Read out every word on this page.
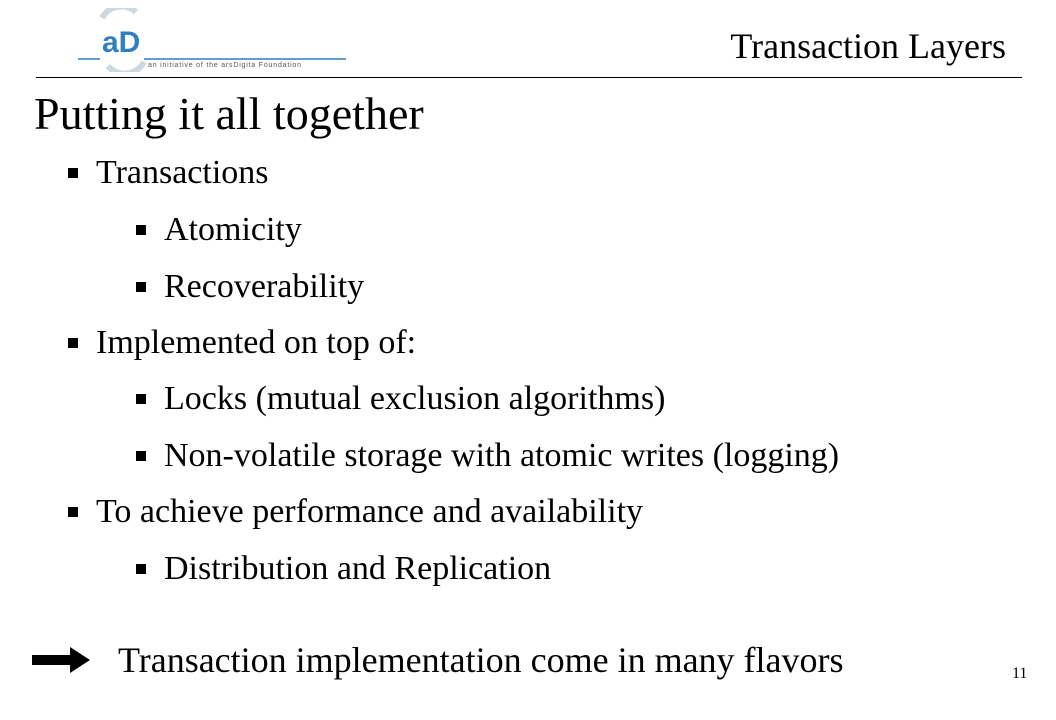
aD
an initiative of the arsDigita Foundation	Transaction Layers
Putting it all together
Transactions
Atomicity
Recoverability
Implemented on top of:
Locks (mutual exclusion algorithms)
Non-volatile storage with atomic writes (logging)
To achieve performance and availability
Distribution and Replication
Transaction implementation come in many flavors	11
